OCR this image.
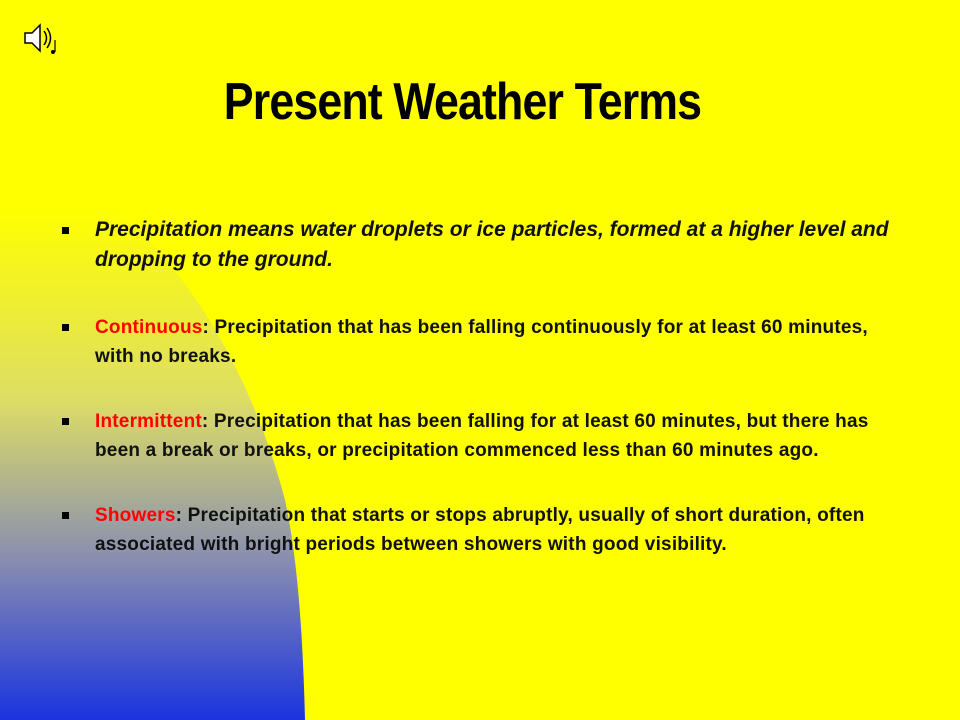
Present Weather Terms
Precipitation means water droplets or ice particles, formed at a higher level and dropping to the ground.
Continuous: Precipitation that has been falling continuously for at least 60 minutes, with no breaks.
Intermittent: Precipitation that has been falling for at least 60 minutes, but there has been a break or breaks, or precipitation commenced less than 60 minutes ago.
Showers: Precipitation that starts or stops abruptly, usually of short duration, often associated with bright periods between showers with good visibility.
